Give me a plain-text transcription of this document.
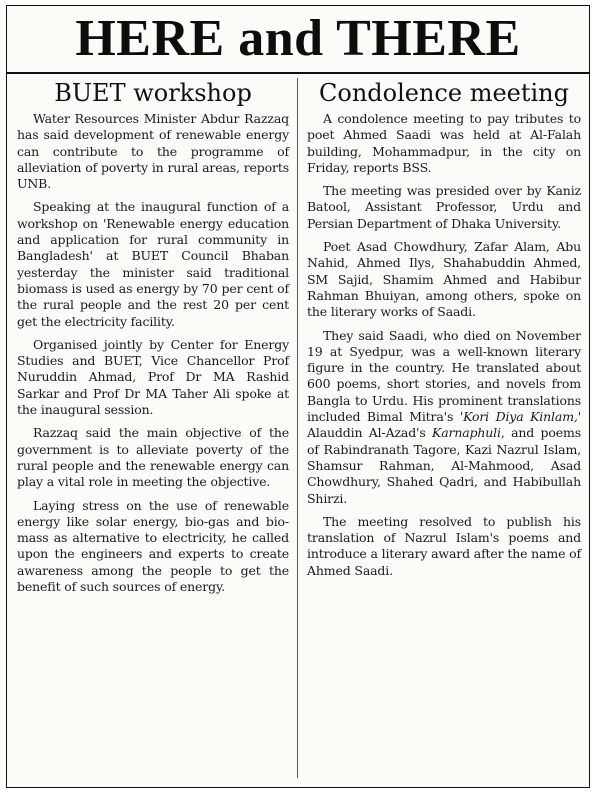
HERE and THERE
BUET workshop

Water Resources Minister Abdur Razzaq has said development of renewable energy can contribute to the programme of alleviation of poverty in rural areas, reports UNB.

Speaking at the inaugural function of a workshop on 'Renewable energy education and application for rural community in Bangladesh' at BUET Council Bhaban yesterday the minister said traditional biomass is used as energy by 70 per cent of the rural people and the rest 20 per cent get the electricity facility.

Organised jointly by Center for Energy Studies and BUET, Vice Chancellor Prof Nuruddin Ahmad, Prof Dr MA Rashid Sarkar and Prof Dr MA Taher Ali spoke at the inaugural session.

Razzaq said the main objective of the government is to alleviate poverty of the rural people and the renewable energy can play a vital role in meeting the objective.

Laying stress on the use of renewable energy like solar energy, bio-gas and bio-mass as alternative to electricity, he called upon the engineers and experts to create awareness among the people to get the benefit of such sources of energy.

Condolence meeting

A condolence meeting to pay tributes to poet Ahmed Saadi was held at Al-Falah building, Mohammadpur, in the city on Friday, reports BSS.

The meeting was presided over by Kaniz Batool, Assistant Professor, Urdu and Persian Department of Dhaka University.

Poet Asad Chowdhury, Zafar Alam, Abu Nahid, Ahmed Ilys, Shahabuddin Ahmed, SM Sajid, Shamim Ahmed and Habibur Rahman Bhuiyan, among others, spoke on the literary works of Saadi.

They said Saadi, who died on November 19 at Syedpur, was a well-known literary figure in the country. He translated about 600 poems, short stories, and novels from Bangla to Urdu. His prominent translations included Bimal Mitra's 'Kori Diya Kinlam,' Alauddin Al-Azad's Karnaphuli, and poems of Rabindranath Tagore, Kazi Nazrul Islam, Shamsur Rahman, Al-Mahmood, Asad Chowdhury, Shahed Qadri, and Habibullah Shirzi.

The meeting resolved to publish his translation of Nazrul Islam's poems and introduce a literary award after the name of Ahmed Saadi.
